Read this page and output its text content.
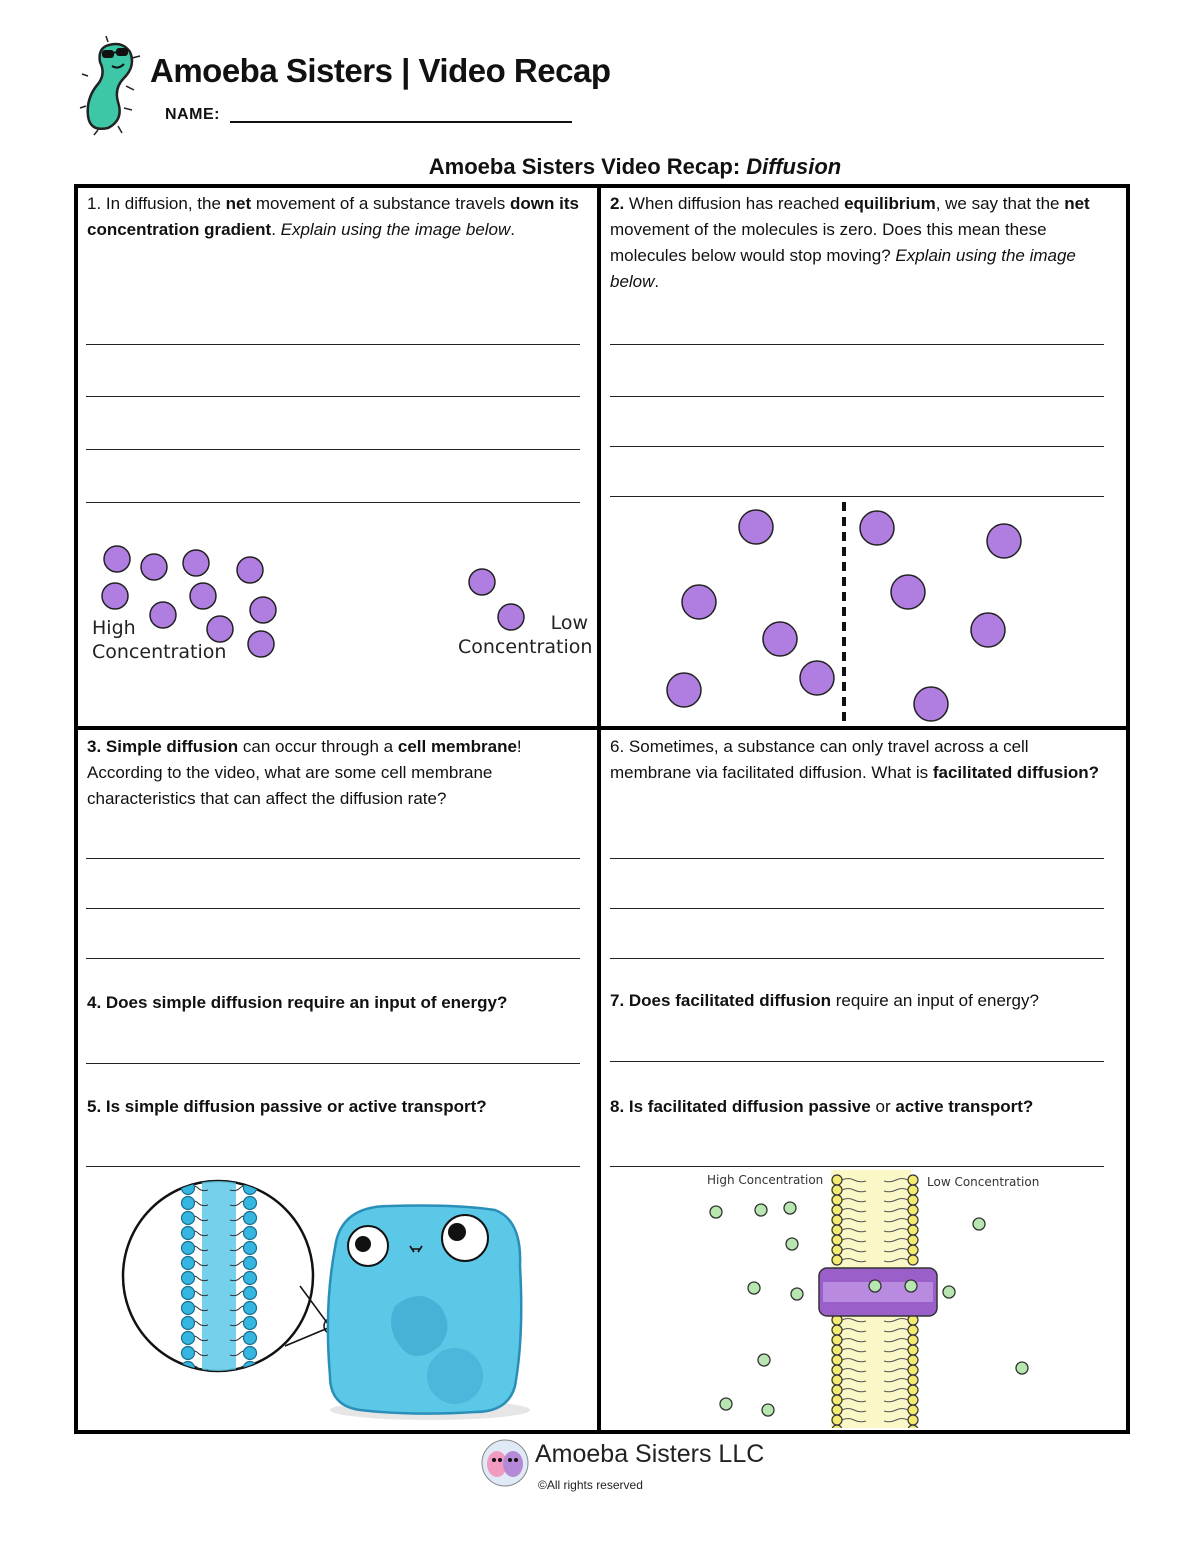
Amoeba Sisters | Video Recap
NAME:
Amoeba Sisters Video Recap: Diffusion
1. In diffusion, the net movement of a substance travels down its concentration gradient. Explain using the image below.
High
Concentration
Low
Concentration
2. When diffusion has reached equilibrium, we say that the net movement of the molecules is zero. Does this mean these molecules below would stop moving? Explain using the image below.
3. Simple diffusion can occur through a cell membrane! According to the video, what are some cell membrane characteristics that can affect the diffusion rate?
4. Does simple diffusion require an input of energy?
5. Is simple diffusion passive or active transport?
6. Sometimes, a substance can only travel across a cell membrane via facilitated diffusion. What is facilitated diffusion?
7. Does facilitated diffusion require an input of energy?
8. Is facilitated diffusion passive or active transport?
High Concentration	Low Concentration
Amoeba Sisters LLC
©All rights reserved
